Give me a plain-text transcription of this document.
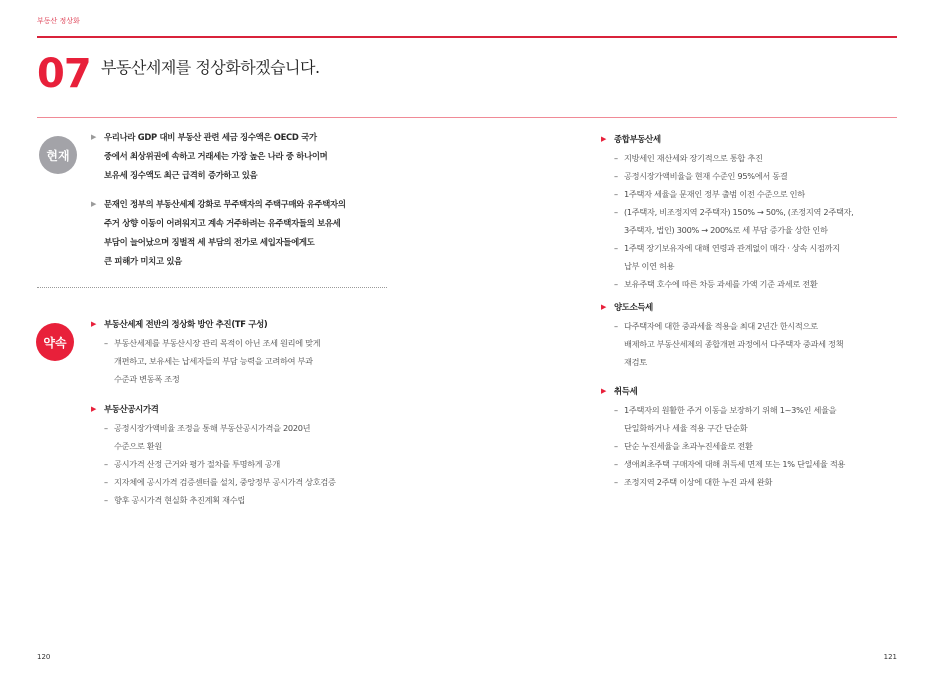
부동산 정상화
07 부동산세제를 정상화하겠습니다.
현재
▶ 우리나라 GDP 대비 부동산 관련 세금 징수액은 OECD 국가
중에서 최상위권에 속하고 거래세는 가장 높은 나라 중 하나이며
보유세 징수액도 최근 급격히 증가하고 있음
▶ 문재인 정부의 부동산세제 강화로 무주택자의 주택구매와 유주택자의
주거 상향 이동이 어려워지고 계속 거주하려는 유주택자들의 보유세
부담이 늘어났으며 징벌적 세 부담의 전가로 세입자들에게도
큰 피해가 미치고 있음
약속
▶ 부동산세제 전반의 정상화 방안 추진(TF 구성)
– 부동산세제를 부동산시장 관리 목적이 아닌 조세 원리에 맞게
개편하고, 보유세는 납세자들의 부담 능력을 고려하여 부과
수준과 변동폭 조정
▶ 부동산공시가격
– 공정시장가액비율 조정을 통해 부동산공시가격을 2020년
수준으로 환원
– 공시가격 산정 근거와 평가 절차를 투명하게 공개
– 지자체에 공시가격 검증센터를 설치, 중앙정부 공시가격 상호검증
– 향후 공시가격 현실화 추진계획 재수립
▶ 종합부동산세
– 지방세인 재산세와 장기적으로 통합 추진
– 공정시장가액비율을 현재 수준인 95%에서 동결
– 1주택자 세율을 문재인 정부 출범 이전 수준으로 인하
– (1주택자, 비조정지역 2주택자) 150% → 50%, (조정지역 2주택자,
3주택자, 법인) 300% → 200%로 세 부담 증가율 상한 인하
– 1주택 장기보유자에 대해 연령과 관계없이 매각 · 상속 시점까지
납부 이연 허용
– 보유주택 호수에 따른 차등 과세를 가액 기준 과세로 전환
▶ 양도소득세
– 다주택자에 대한 중과세율 적용을 최대 2년간 한시적으로
배제하고 부동산세제의 종합개편 과정에서 다주택자 중과세 정책
재검토
▶ 취득세
– 1주택자의 원활한 주거 이동을 보장하기 위해 1~3%인 세율을
단일화하거나 세율 적용 구간 단순화
– 단순 누진세율을 초과누진세율로 전환
– 생애최초주택 구매자에 대해 취득세 면제 또는 1% 단일세율 적용
– 조정지역 2주택 이상에 대한 누진 과세 완화
120	121
